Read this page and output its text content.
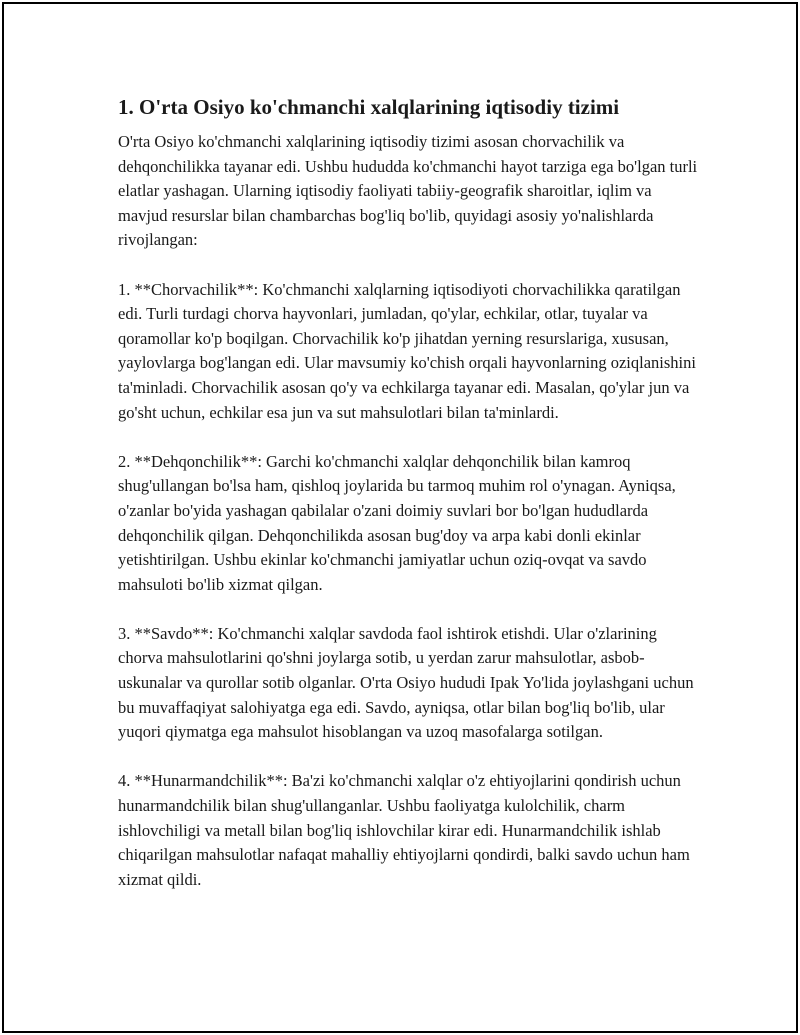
1. O'rta Osiyo ko'chmanchi xalqlarining iqtisodiy tizimi

O'rta Osiyo ko'chmanchi xalqlarining iqtisodiy tizimi asosan chorvachilik va dehqonchilikka tayanar edi. Ushbu hududda ko'chmanchi hayot tarziga ega bo'lgan turli elatlar yashagan. Ularning iqtisodiy faoliyati tabiiy-geografik sharoitlar, iqlim va mavjud resurslar bilan chambarchas bog'liq bo'lib, quyidagi asosiy yo'nalishlarda rivojlangan:

1. **Chorvachilik**: Ko'chmanchi xalqlarning iqtisodiyoti chorvachilikka qaratilgan edi. Turli turdagi chorva hayvonlari, jumladan, qo'ylar, echkilar, otlar, tuyalar va qoramollar ko'p boqilgan. Chorvachilik ko'p jihatdan yerning resurslariga, xususan, yaylovlarga bog'langan edi. Ular mavsumiy ko'chish orqali hayvonlarning oziqlanishini ta'minladi. Chorvachilik asosan qo'y va echkilarga tayanar edi. Masalan, qo'ylar jun va go'sht uchun, echkilar esa jun va sut mahsulotlari bilan ta'minlardi.

2. **Dehqonchilik**: Garchi ko'chmanchi xalqlar dehqonchilik bilan kamroq shug'ullangan bo'lsa ham, qishloq joylarida bu tarmoq muhim rol o'ynagan. Ayniqsa, o'zanlar bo'yida yashagan qabilalar o'zani doimiy suvlari bor bo'lgan hududlarda dehqonchilik qilgan. Dehqonchilikda asosan bug'doy va arpa kabi donli ekinlar yetishtirilgan. Ushbu ekinlar ko'chmanchi jamiyatlar uchun oziq-ovqat va savdo mahsuloti bo'lib xizmat qilgan.

3. **Savdo**: Ko'chmanchi xalqlar savdoda faol ishtirok etishdi. Ular o'zlarining chorva mahsulotlarini qo'shni joylarga sotib, u yerdan zarur mahsulotlar, asbob-uskunalar va qurollar sotib olganlar. O'rta Osiyo hududi Ipak Yo'lida joylashgani uchun bu muvaffaqiyat salohiyatga ega edi. Savdo, ayniqsa, otlar bilan bog'liq bo'lib, ular yuqori qiymatga ega mahsulot hisoblangan va uzoq masofalarga sotilgan.

4. **Hunarmandchilik**: Ba'zi ko'chmanchi xalqlar o'z ehtiyojlarini qondirish uchun hunarmandchilik bilan shug'ullanganlar. Ushbu faoliyatga kulolchilik, charm ishlovchiligi va metall bilan bog'liq ishlovchilar kirar edi. Hunarmandchilik ishlab chiqarilgan mahsulotlar nafaqat mahalliy ehtiyojlarni qondirdi, balki savdo uchun ham xizmat qildi.
